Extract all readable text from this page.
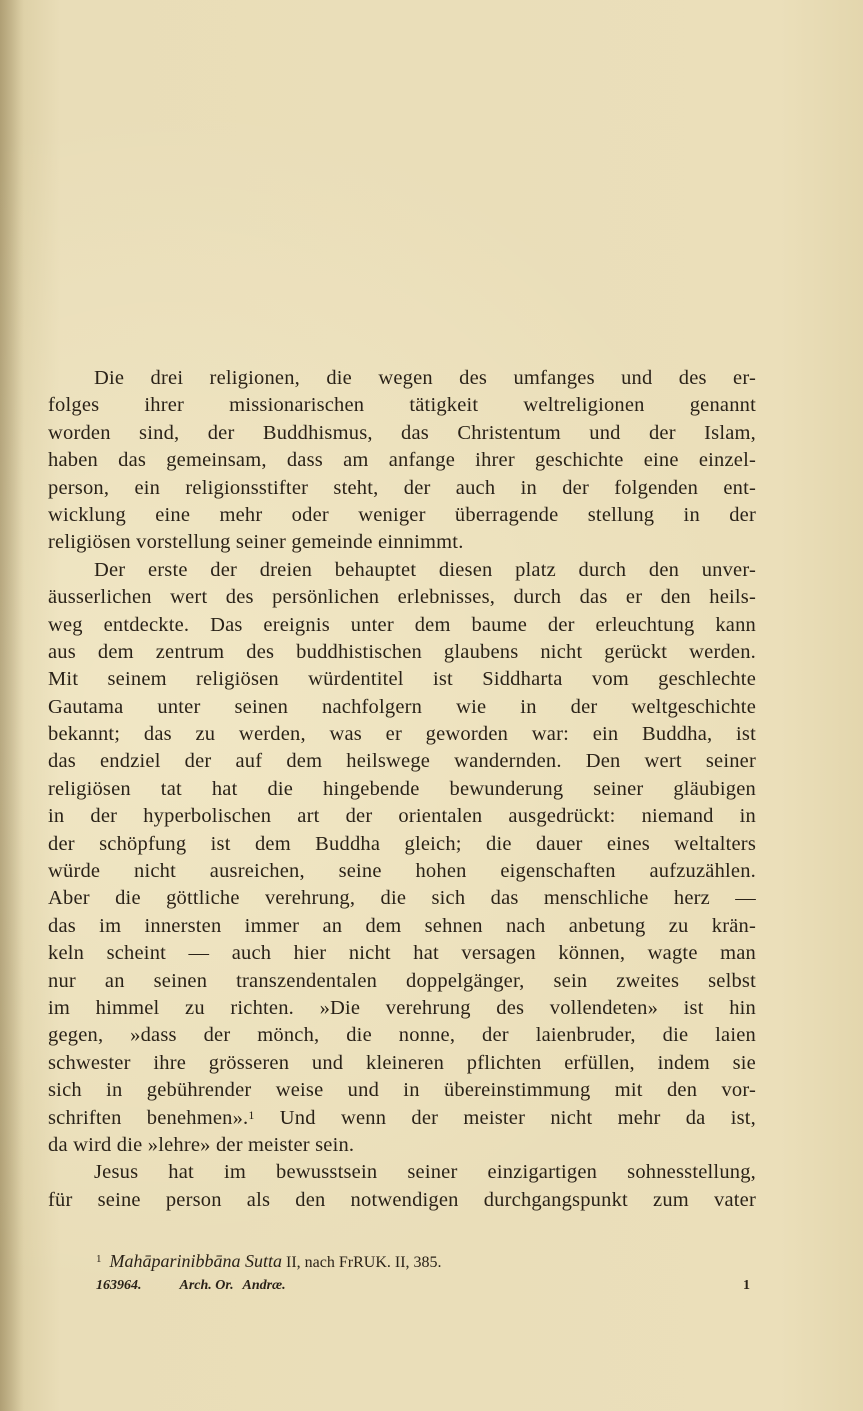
Die drei religionen, die wegen des umfanges und des er-
folges ihrer missionarischen tätigkeit weltreligionen genannt
worden sind, der Buddhismus, das Christentum und der Islam,
haben das gemeinsam, dass am anfange ihrer geschichte eine einzel-
person, ein religionsstifter steht, der auch in der folgenden ent-
wicklung eine mehr oder weniger überragende stellung in der
religiösen vorstellung seiner gemeinde einnimmt.
Der erste der dreien behauptet diesen platz durch den unver-
äusserlichen wert des persönlichen erlebnisses, durch das er den heils-
weg entdeckte. Das ereignis unter dem baume der erleuchtung kann
aus dem zentrum des buddhistischen glaubens nicht gerückt werden.
Mit seinem religiösen würdentitel ist Siddharta vom geschlechte
Gautama unter seinen nachfolgern wie in der weltgeschichte
bekannt; das zu werden, was er geworden war: ein Buddha, ist
das endziel der auf dem heilswege wandernden. Den wert seiner
religiösen tat hat die hingebende bewunderung seiner gläubigen
in der hyperbolischen art der orientalen ausgedrückt: niemand in
der schöpfung ist dem Buddha gleich; die dauer eines weltalters
würde nicht ausreichen, seine hohen eigenschaften aufzuzählen.
Aber die göttliche verehrung, die sich das menschliche herz —
das im innersten immer an dem sehnen nach anbetung zu krän-
keln scheint — auch hier nicht hat versagen können, wagte man
nur an seinen transzendentalen doppelgänger, sein zweites selbst
im himmel zu richten. »Die verehrung des vollendeten» ist hin
gegen, »dass der mönch, die nonne, der laienbruder, die laien
schwester ihre grösseren und kleineren pflichten erfüllen, indem sie
sich in gebührender weise und in übereinstimmung mit den vor-
schriften benehmen».$^1$ Und wenn der meister nicht mehr da ist,
da wird die »lehre» der meister sein.
Jesus hat im bewusstsein seiner einzigartigen sohnesstellung,
für seine person als den notwendigen durchgangspunkt zum vater
$^1$ Mahāparinibbāna Sutta II, nach FrRUK. II, 385.
163964.	Arch. Or. Andræ.	1
